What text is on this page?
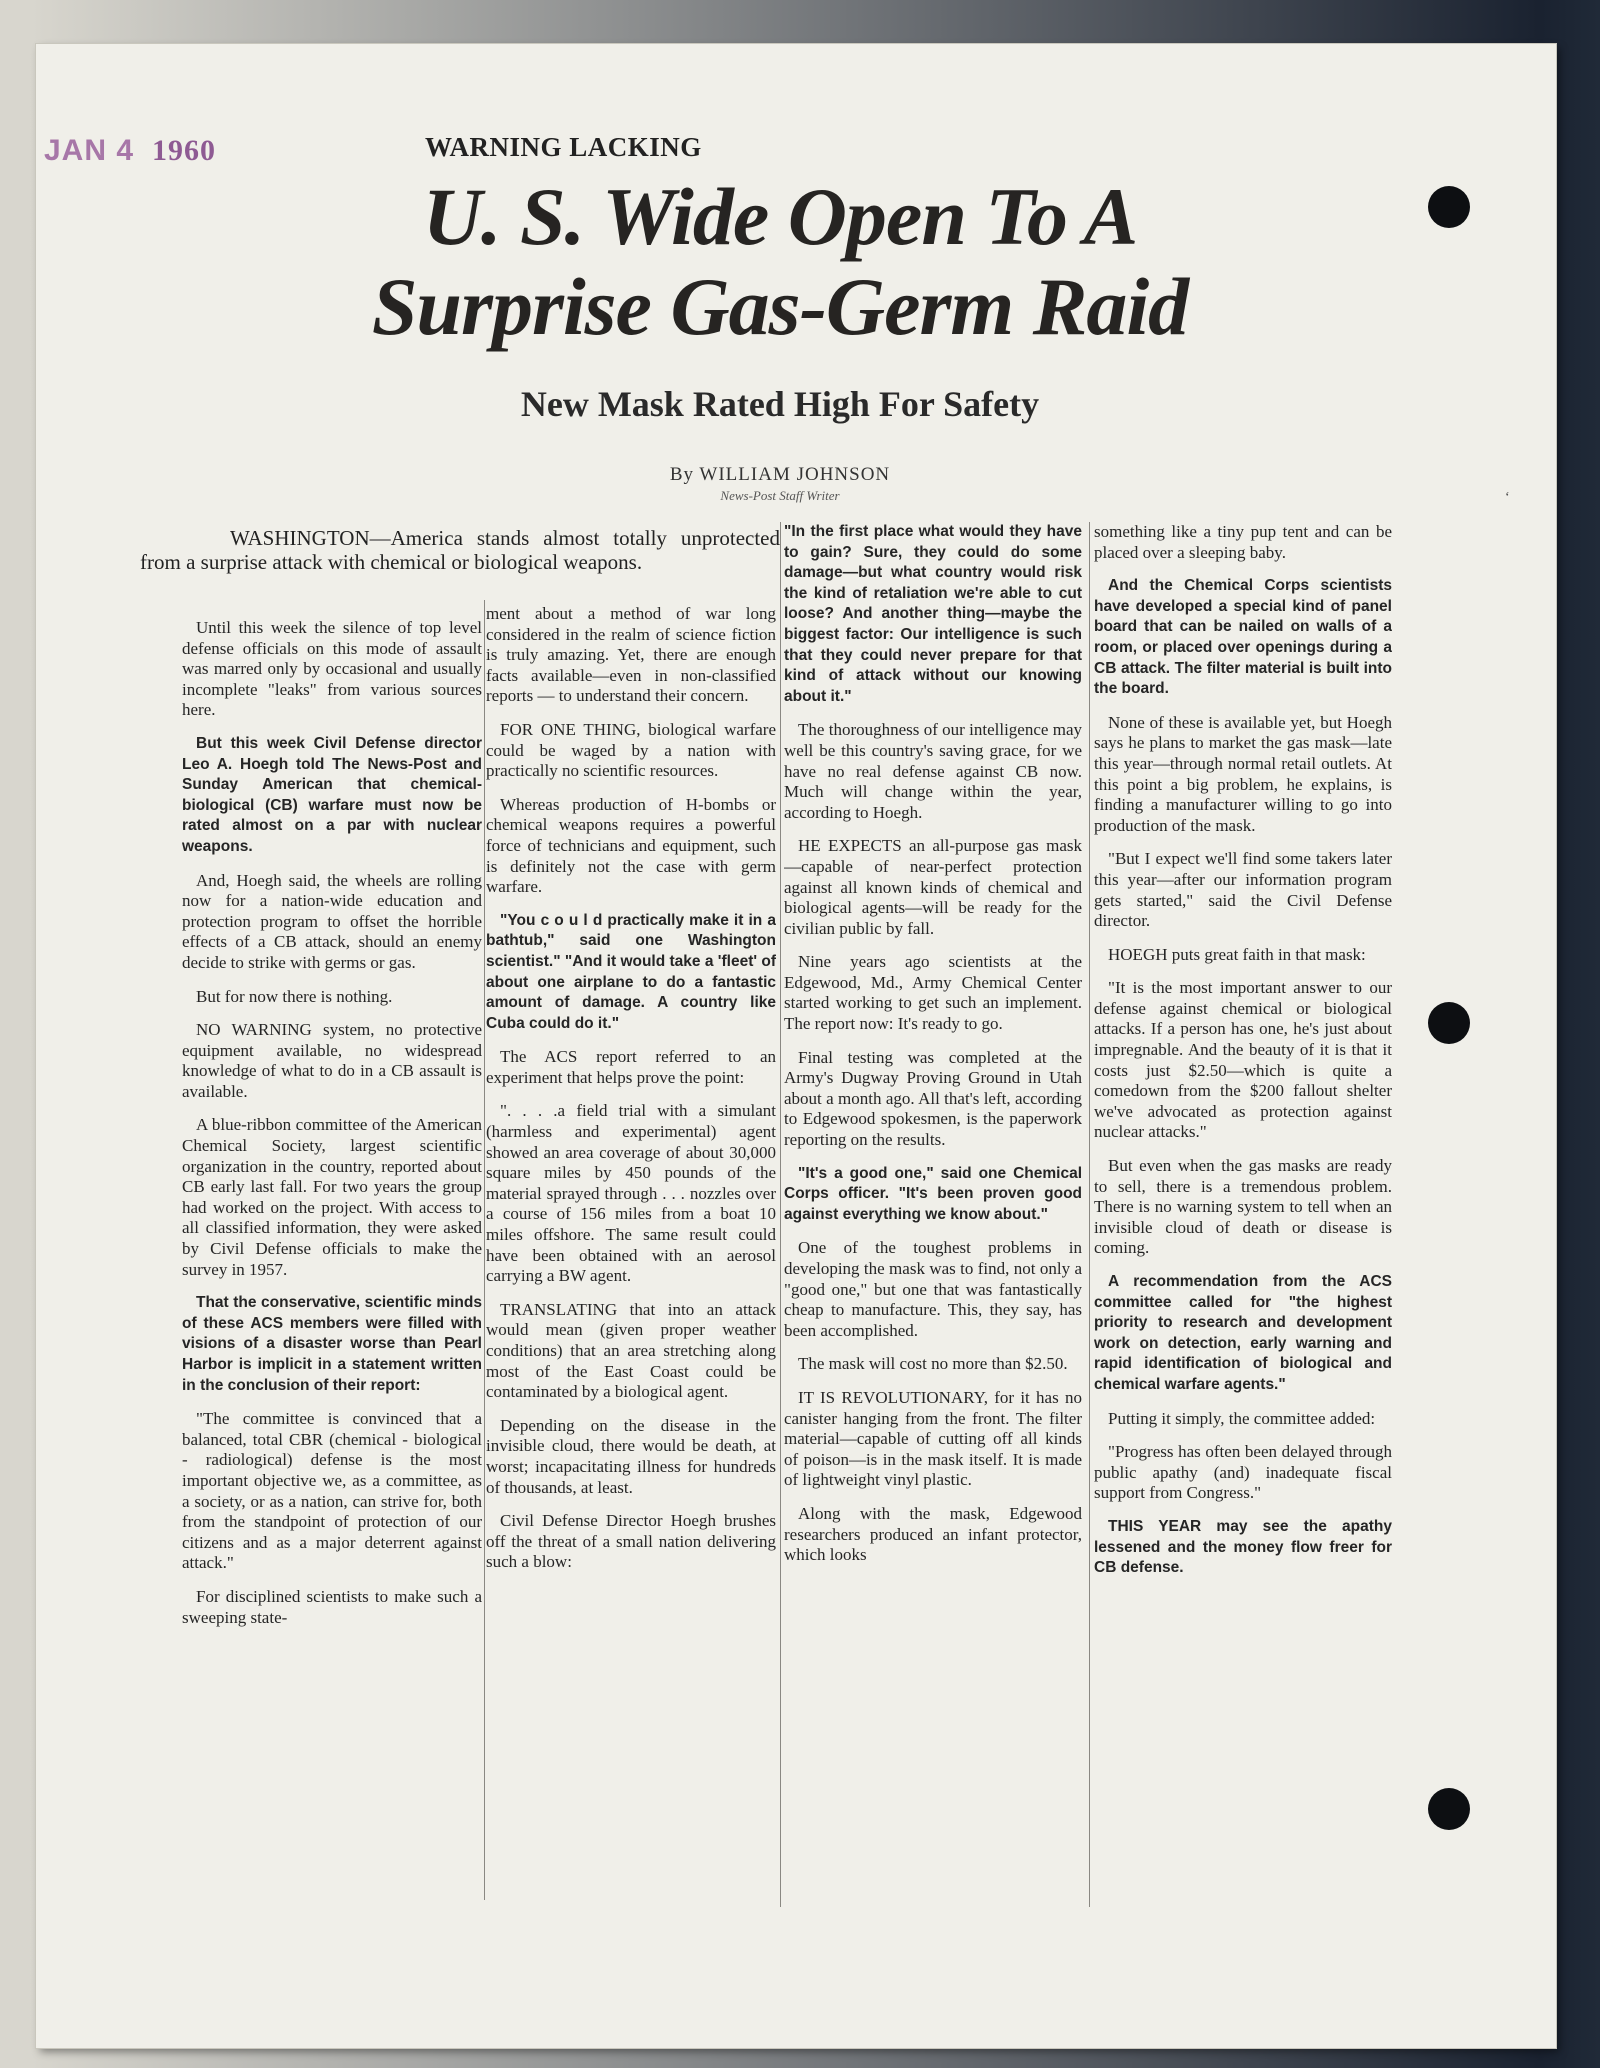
‘
JAN 4 1960	WARNING LACKING
U. S. Wide Open To A
Surprise Gas-Germ Raid
New Mask Rated High For Safety
By WILLIAM JOHNSON
News-Post Staff Writer
WASHINGTON—America stands almost totally unprotected from a surprise attack with chemical or biological weapons.

Until this week the silence of top level defense officials on this mode of assault was marred only by occasional and usually incomplete "leaks" from various sources here.

But this week Civil Defense director Leo A. Hoegh told The News-Post and Sunday American that chemical-biological (CB) warfare must now be rated almost on a par with nuclear weapons.

And, Hoegh said, the wheels are rolling now for a nation-wide education and protection program to offset the horrible effects of a CB attack, should an enemy decide to strike with germs or gas.

But for now there is nothing.

NO WARNING system, no protective equipment available, no widespread knowledge of what to do in a CB assault is available.

A blue-ribbon committee of the American Chemical Society, largest scientific organization in the country, reported about CB early last fall. For two years the group had worked on the project. With access to all classified information, they were asked by Civil Defense officials to make the survey in 1957.

That the conservative, scientific minds of these ACS members were filled with visions of a disaster worse than Pearl Harbor is implicit in a statement written in the conclusion of their report:

"The committee is convinced that a balanced, total CBR (chemical - biological - radiological) defense is the most important objective we, as a committee, as a society, or as a nation, can strive for, both from the standpoint of protection of our citizens and as a major deterrent against attack."

For disciplined scientists to make such a sweeping state-

ment about a method of war long considered in the realm of science fiction is truly amazing. Yet, there are enough facts available—even in non-classified reports — to understand their concern.

FOR ONE THING, biological warfare could be waged by a nation with practically no scientific resources.

Whereas production of H-bombs or chemical weapons requires a powerful force of technicians and equipment, such is definitely not the case with germ warfare.

"You c o u l d practically make it in a bathtub," said one Washington scientist." "And it would take a 'fleet' of about one airplane to do a fantastic amount of damage. A country like Cuba could do it."

The ACS report referred to an experiment that helps prove the point:

". . . .a field trial with a simulant (harmless and experimental) agent showed an area coverage of about 30,000 square miles by 450 pounds of the material sprayed through . . . nozzles over a course of 156 miles from a boat 10 miles offshore. The same result could have been obtained with an aerosol carrying a BW agent.

TRANSLATING that into an attack would mean (given proper weather conditions) that an area stretching along most of the East Coast could be contaminated by a biological agent.

Depending on the disease in the invisible cloud, there would be death, at worst; incapacitating illness for hundreds of thousands, at least.

Civil Defense Director Hoegh brushes off the threat of a small nation delivering such a blow:

"In the first place what would they have to gain? Sure, they could do some damage—but what country would risk the kind of retaliation we're able to cut loose? And another thing—maybe the biggest factor: Our intelligence is such that they could never prepare for that kind of attack without our knowing about it."

The thoroughness of our intelligence may well be this country's saving grace, for we have no real defense against CB now. Much will change within the year, according to Hoegh.

HE EXPECTS an all-purpose gas mask—capable of near-perfect protection against all known kinds of chemical and biological agents—will be ready for the civilian public by fall.

Nine years ago scientists at the Edgewood, Md., Army Chemical Center started working to get such an implement. The report now: It's ready to go.

Final testing was completed at the Army's Dugway Proving Ground in Utah about a month ago. All that's left, according to Edgewood spokesmen, is the paperwork reporting on the results.

"It's a good one," said one Chemical Corps officer. "It's been proven good against everything we know about."

One of the toughest problems in developing the mask was to find, not only a "good one," but one that was fantastically cheap to manufacture. This, they say, has been accomplished.

The mask will cost no more than $2.50.

IT IS REVOLUTIONARY, for it has no canister hanging from the front. The filter material—capable of cutting off all kinds of poison—is in the mask itself. It is made of lightweight vinyl plastic.

Along with the mask, Edgewood researchers produced an infant protector, which looks

something like a tiny pup tent and can be placed over a sleeping baby.

And the Chemical Corps scientists have developed a special kind of panel board that can be nailed on walls of a room, or placed over openings during a CB attack. The filter material is built into the board.

None of these is available yet, but Hoegh says he plans to market the gas mask—late this year—through normal retail outlets. At this point a big problem, he explains, is finding a manufacturer willing to go into production of the mask.

"But I expect we'll find some takers later this year—after our information program gets started," said the Civil Defense director.

HOEGH puts great faith in that mask:

"It is the most important answer to our defense against chemical or biological attacks. If a person has one, he's just about impregnable. And the beauty of it is that it costs just $2.50—which is quite a comedown from the $200 fallout shelter we've advocated as protection against nuclear attacks."

But even when the gas masks are ready to sell, there is a tremendous problem. There is no warning system to tell when an invisible cloud of death or disease is coming.

A recommendation from the ACS committee called for "the highest priority to research and development work on detection, early warning and rapid identification of biological and chemical warfare agents."

Putting it simply, the committee added:

"Progress has often been delayed through public apathy (and) inadequate fiscal support from Congress."

THIS YEAR may see the apathy lessened and the money flow freer for CB defense.
